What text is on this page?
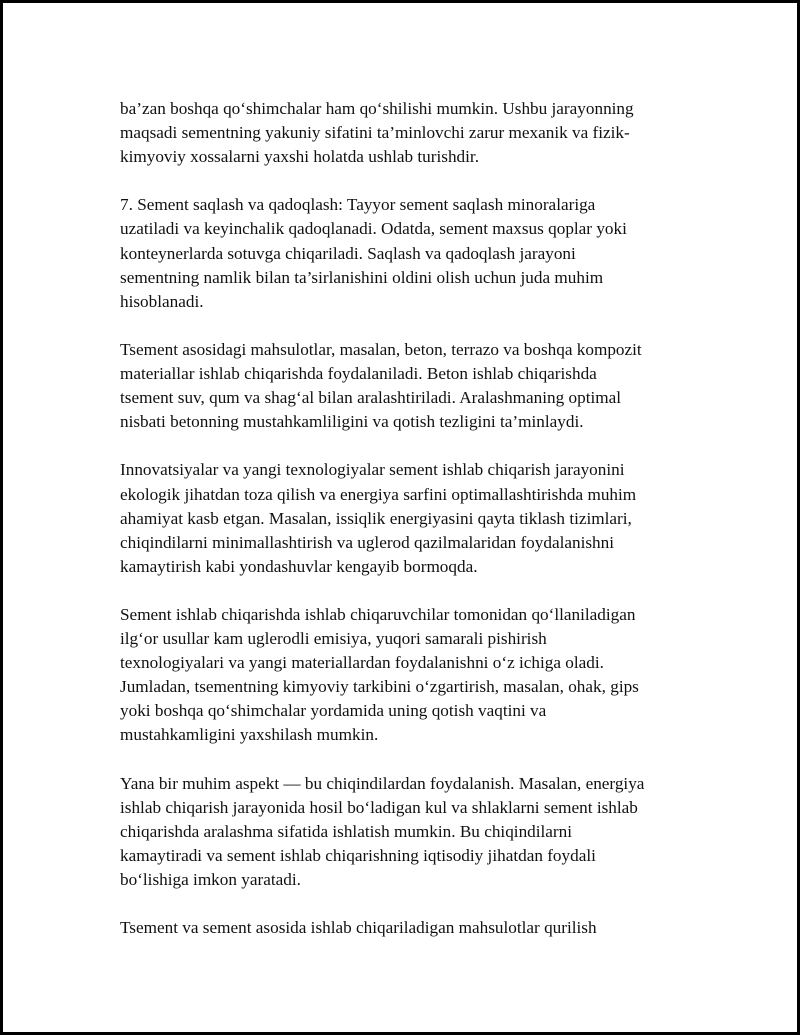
ba’zan boshqa qo‘shimchalar ham qo‘shilishi mumkin. Ushbu jarayonning
maqsadi sementning yakuniy sifatini ta’minlovchi zarur mexanik va fizik-
kimyoviy xossalarni yaxshi holatda ushlab turishdir.

7. Sement saqlash va qadoqlash: Tayyor sement saqlash minoralariga
uzatiladi va keyinchalik qadoqlanadi. Odatda, sement maxsus qoplar yoki
konteynerlarda sotuvga chiqariladi. Saqlash va qadoqlash jarayoni
sementning namlik bilan ta’sirlanishini oldini olish uchun juda muhim
hisoblanadi.

Tsement asosidagi mahsulotlar, masalan, beton, terrazo va boshqa kompozit
materiallar ishlab chiqarishda foydalaniladi. Beton ishlab chiqarishda
tsement suv, qum va shag‘al bilan aralashtiriladi. Aralashmaning optimal
nisbati betonning mustahkamliligini va qotish tezligini ta’minlaydi.

Innovatsiyalar va yangi texnologiyalar sement ishlab chiqarish jarayonini
ekologik jihatdan toza qilish va energiya sarfini optimallashtirishda muhim
ahamiyat kasb etgan. Masalan, issiqlik energiyasini qayta tiklash tizimlari,
chiqindilarni minimallashtirish va uglerod qazilmalaridan foydalanishni
kamaytirish kabi yondashuvlar kengayib bormoqda.

Sement ishlab chiqarishda ishlab chiqaruvchilar tomonidan qo‘llaniladigan
ilg‘or usullar kam uglerodli emisiya, yuqori samarali pishirish
texnologiyalari va yangi materiallardan foydalanishni o‘z ichiga oladi.
Jumladan, tsementning kimyoviy tarkibini o‘zgartirish, masalan, ohak, gips
yoki boshqa qo‘shimchalar yordamida uning qotish vaqtini va
mustahkamligini yaxshilash mumkin.

Yana bir muhim aspekt — bu chiqindilardan foydalanish. Masalan, energiya
ishlab chiqarish jarayonida hosil bo‘ladigan kul va shlaklarni sement ishlab
chiqarishda aralashma sifatida ishlatish mumkin. Bu chiqindilarni
kamaytiradi va sement ishlab chiqarishning iqtisodiy jihatdan foydali
bo‘lishiga imkon yaratadi.

Tsement va sement asosida ishlab chiqariladigan mahsulotlar qurilish
